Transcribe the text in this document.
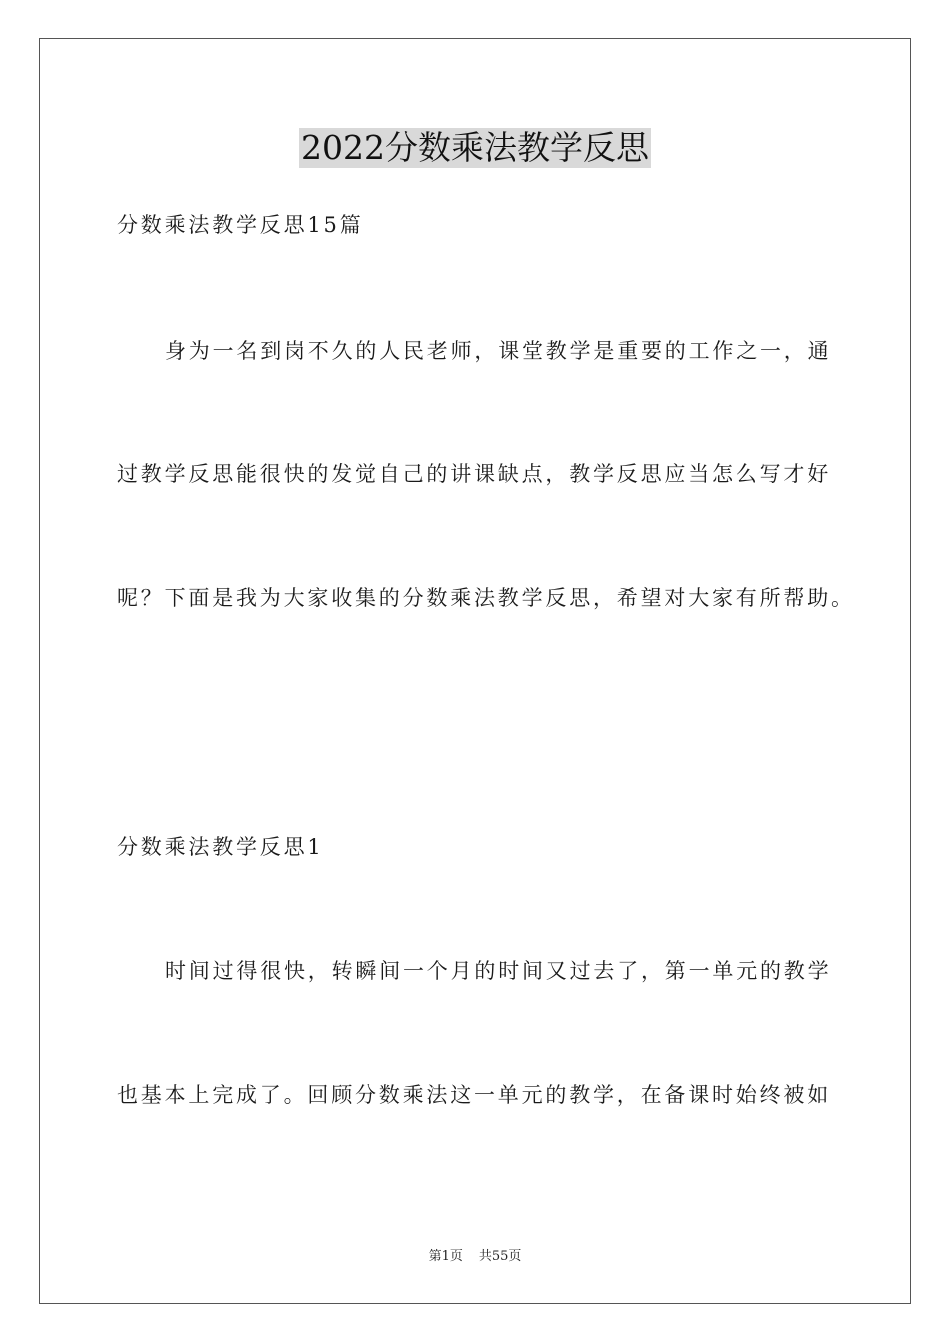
2022分数乘法教学反思
分数乘法教学反思15篇
身为一名到岗不久的人民老师，课堂教学是重要的工作之一，通
过教学反思能很快的发觉自己的讲课缺点，教学反思应当怎么写才好
呢？下面是我为大家收集的分数乘法教学反思，希望对大家有所帮助。
分数乘法教学反思1
时间过得很快，转瞬间一个月的时间又过去了，第一单元的教学
也基本上完成了。回顾分数乘法这一单元的教学，在备课时始终被如
第1页 共55页
